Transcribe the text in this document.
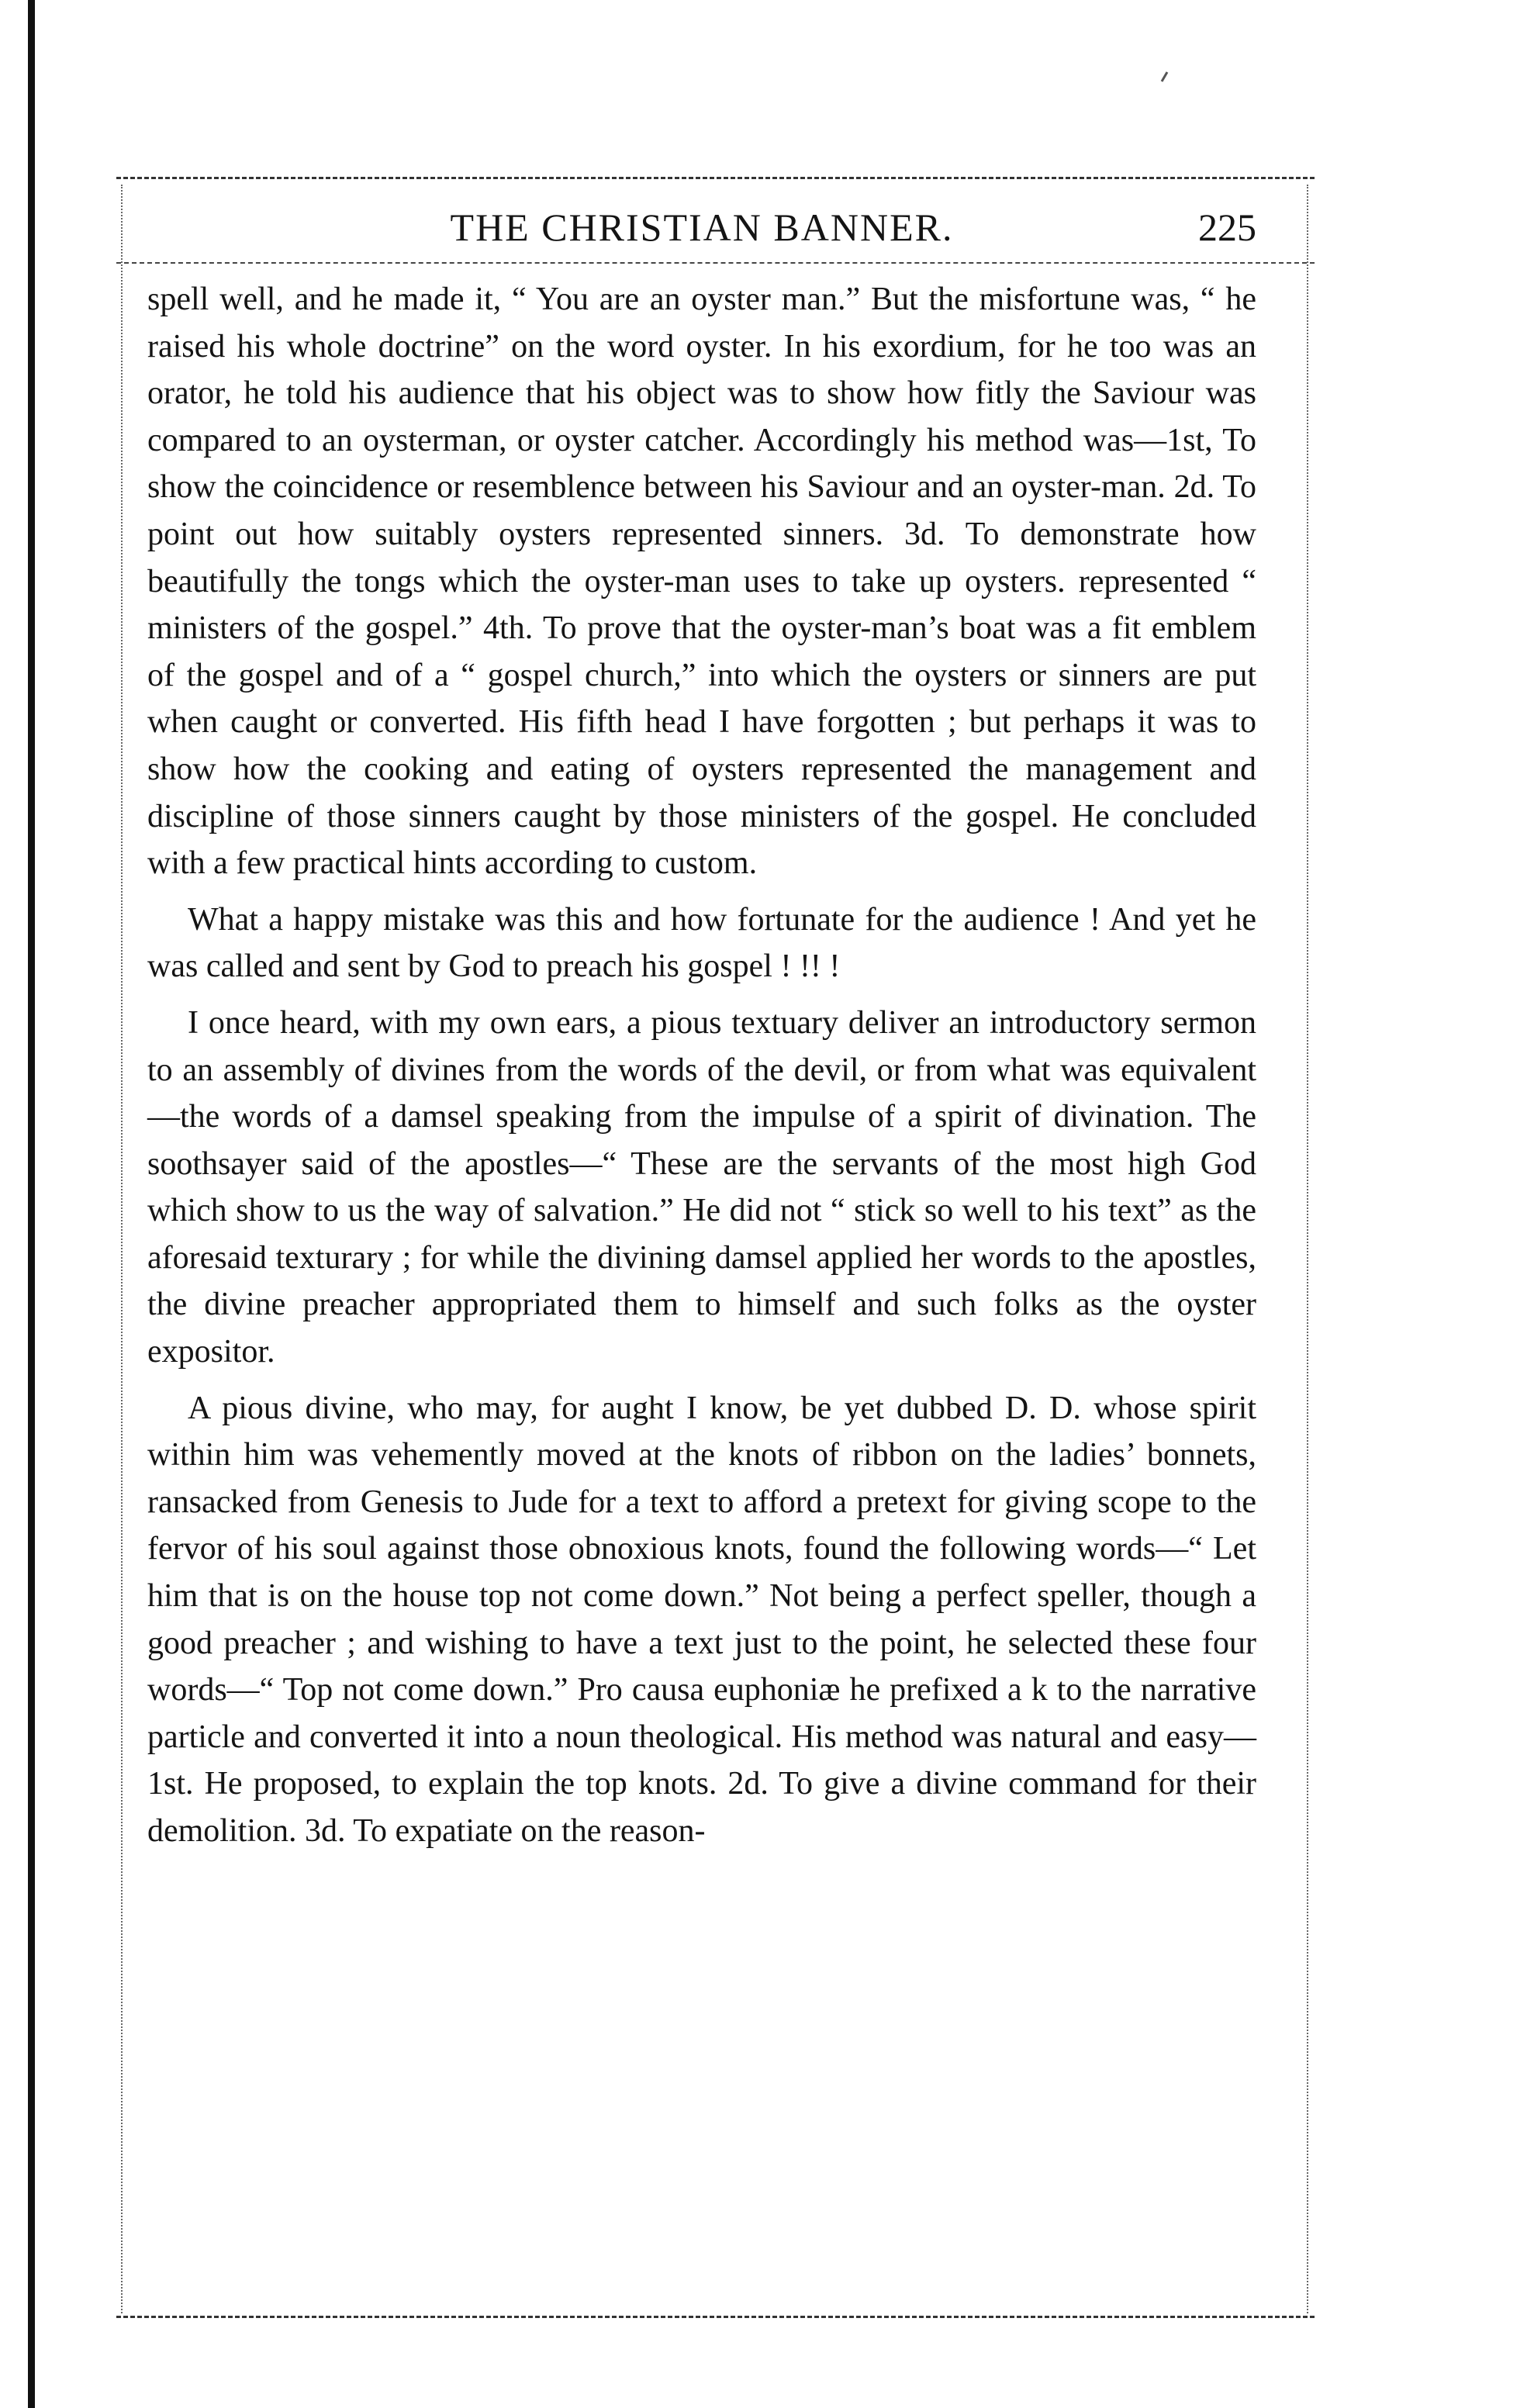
THE CHRISTIAN BANNER.	225

spell well, and he made it, “ You are an oyster man.” But the misfortune was, “ he raised his whole doctrine” on the word oyster. In his exordium, for he too was an orator, he told his audience that his object was to show how fitly the Saviour was compared to an oysterman, or oyster catcher. Accordingly his method was—1st, To show the coincidence or resemblence between his Saviour and an oyster-man. 2d. To point out how suitably oysters represented sinners. 3d. To demonstrate how beautifully the tongs which the oyster-man uses to take up oysters. represented “ ministers of the gospel.” 4th. To prove that the oyster-man’s boat was a fit emblem of the gospel and of a “ gospel church,” into which the oysters or sinners are put when caught or converted. His fifth head I have forgotten ; but perhaps it was to show how the cooking and eating of oysters represented the management and discipline of those sinners caught by those ministers of the gospel. He concluded with a few practical hints according to custom.

What a happy mistake was this and how fortunate for the audience ! And yet he was called and sent by God to preach his gospel ! !! !

I once heard, with my own ears, a pious textuary deliver an introductory sermon to an assembly of divines from the words of the devil, or from what was equivalent—the words of a damsel speaking from the impulse of a spirit of divination. The soothsayer said of the apostles—“ These are the servants of the most high God which show to us the way of salvation.” He did not “ stick so well to his text” as the aforesaid texturary ; for while the divining damsel applied her words to the apostles, the divine preacher appropriated them to himself and such folks as the oyster expositor.

A pious divine, who may, for aught I know, be yet dubbed D. D. whose spirit within him was vehemently moved at the knots of ribbon on the ladies’ bonnets, ransacked from Genesis to Jude for a text to afford a pretext for giving scope to the fervor of his soul against those obnoxious knots, found the following words—“ Let him that is on the house top not come down.” Not being a perfect speller, though a good preacher ; and wishing to have a text just to the point, he selected these four words—“ Top not come down.” Pro causa euphoniæ he prefixed a k to the narrative particle and converted it into a noun theological. His method was natural and easy—1st. He proposed, to explain the top knots. 2d. To give a divine command for their demolition. 3d. To expatiate on the reason-
